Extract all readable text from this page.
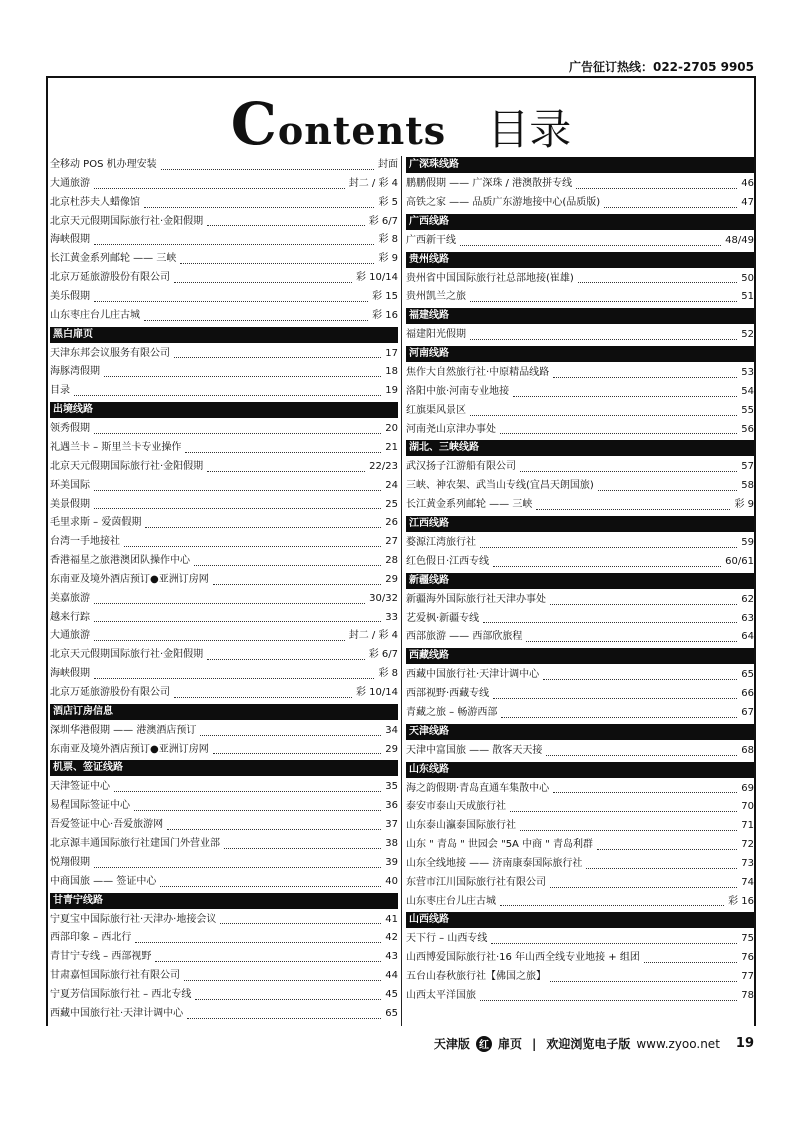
广告征订热线：022-2705 9905
Contents 目录
全移动 POS 机办理安装	封面
大通旅游	封二 / 彩 4
北京杜莎夫人蜡像馆	彩 5
北京天元假期国际旅行社·金阳假期	彩 6/7
海峡假期	彩 8
长江黄金系列邮轮 —— 三峡	彩 9
北京万延旅游股份有限公司	彩 10/14
美乐假期	彩 15
山东枣庄台儿庄古城	彩 16
黑白扉页
天津东邦会议服务有限公司	17
海豚湾假期	18
目录	19
出境线路
领秀假期	20
礼遇兰卡 – 斯里兰卡专业操作	21
北京天元假期国际旅行社·金阳假期	22/23
环美国际	24
美景假期	25
毛里求斯 – 爱茵假期	26
台湾一手地接社	27
香港福星之旅港澳团队操作中心	28
东南亚及境外酒店预订●亚洲订房网	29
美嘉旅游	30/32
越来行踪	33
大通旅游	封二 / 彩 4
北京天元假期国际旅行社·金阳假期	彩 6/7
海峡假期	彩 8
北京万延旅游股份有限公司	彩 10/14
酒店订房信息
深圳华港假期 —— 港澳酒店预订	34
东南亚及境外酒店预订●亚洲订房网	29
机票、签证线路
天津签证中心	35
易程国际签证中心	36
吾爱签证中心·吾爱旅游网	37
北京源丰通国际旅行社建国门外营业部	38
悦翔假期	39
中商国旅 —— 签证中心	40
甘青宁线路
宁夏宝中国际旅行社·天津办·地接会议	41
西部印象 – 西北行	42
青甘宁专线 – 西部视野	43
甘肃嘉恒国际旅行社有限公司	44
宁夏芳信国际旅行社 – 西北专线	45
西藏中国旅行社·天津计调中心	65
广深珠线路
鹏鹏假期 —— 广深珠 / 港澳散拼专线	46
高铁之家 —— 品质广东游地接中心(品质版)	47
广西线路
广西新干线	48/49
贵州线路
贵州省中国国际旅行社总部地接(崔雄)	50
贵州凯兰之旅	51
福建线路
福建阳光假期	52
河南线路
焦作大自然旅行社·中原精品线路	53
洛阳中旅·河南专业地接	54
红旗渠风景区	55
河南尧山京津办事处	56
湖北、三峡线路
武汉扬子江游船有限公司	57
三峡、神农架、武当山专线(宜昌天朗国旅)	58
长江黄金系列邮轮 —— 三峡	彩 9
江西线路
婺源江湾旅行社	59
红色假日·江西专线	60/61
新疆线路
新疆海外国际旅行社天津办事处	62
艺爱枫·新疆专线	63
西部旅游 —— 西部欣旅程	64
西藏线路
西藏中国旅行社·天津计调中心	65
西部视野·西藏专线	66
青藏之旅 – 畅游西部	67
天津线路
天津中富国旅 —— 散客天天接	68
山东线路
海之韵假期·青岛直通车集散中心	69
泰安市泰山天成旅行社	70
山东泰山瀛泰国际旅行社	71
山东 " 青岛 " 世园会 "5A 中商 " 青岛利群	72
山东全线地接 —— 济南康泰国际旅行社	73
东营市江川国际旅行社有限公司	74
山东枣庄台儿庄古城	彩 16
山西线路
天下行 – 山西专线	75
山西博爱国际旅行社·16 年山西全线专业地接 + 组团	76
五台山春秋旅行社【佛国之旅】	77
山西太平洋国旅	78
天津版 红 扉页 | 欢迎浏览电子版 www.zyoo.net 19
